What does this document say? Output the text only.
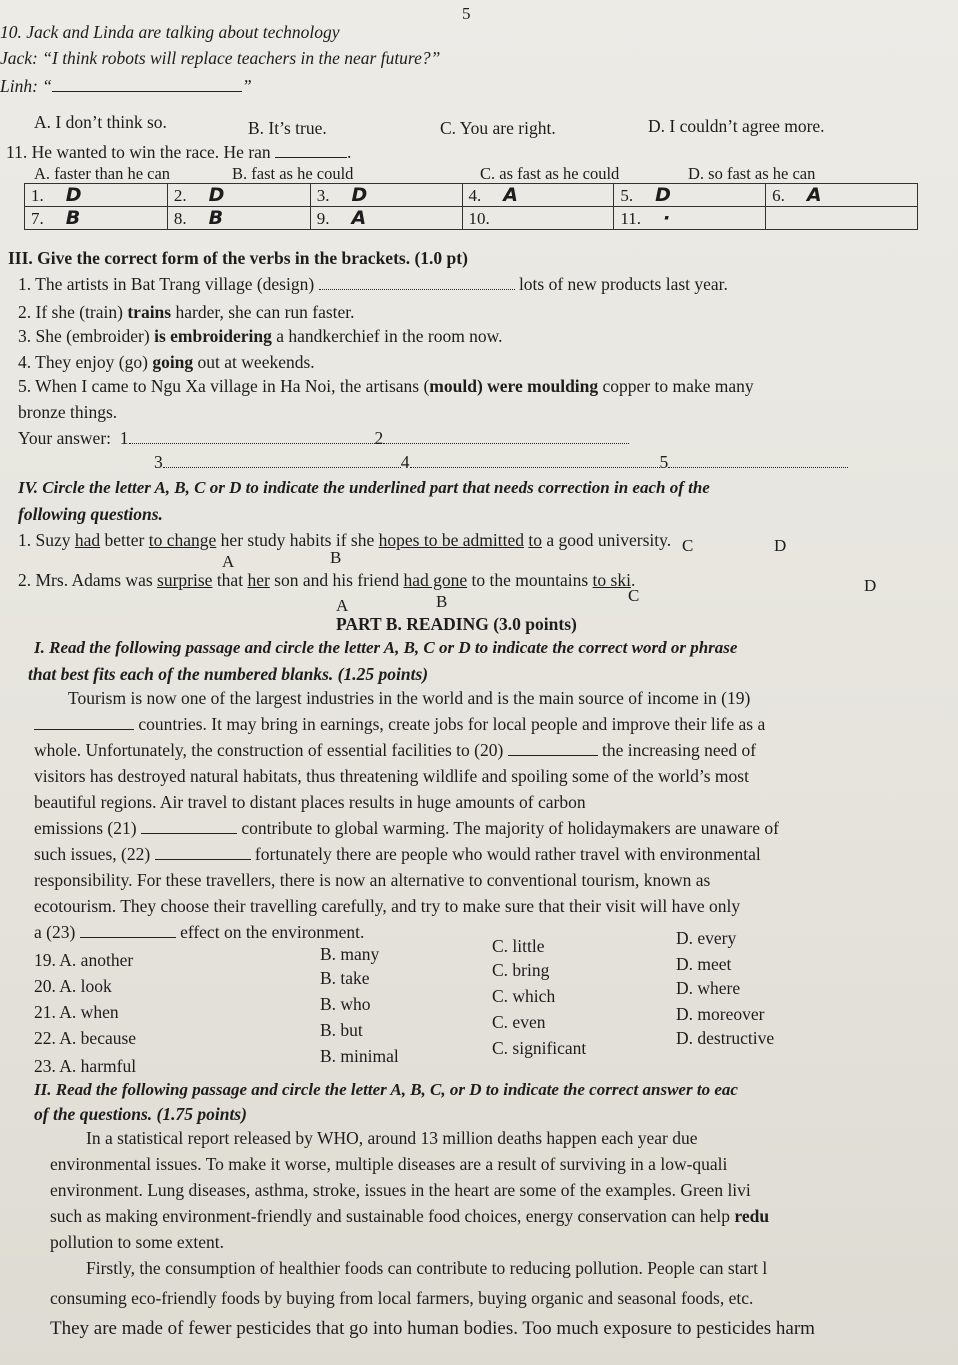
5
10. Jack and Linda are talking about technology
Jack: “I think robots will replace teachers in the near future?”
Linh: “	”
A. I don’t think so.	B. It’s true.	C. You are right.	D. I couldn’t agree more.
11. He wanted to win the race. He ran	.
A. faster than he can	B. fast as he could	C. as fast as he could	D. so fast as he can
1. D	2. D	3. D	4. A	5. D	6. A
7. B	8. B	9. A	10.	11. ·	
III. Give the correct form of the verbs in the brackets. (1.0 pt)
1. The artists in Bat Trang village (design)	lots of new products last year.
2. If she (train) trains harder, she can run faster.
3. She (embroider) is embroidering a handkerchief in the room now.
4. They enjoy (go) going out at weekends.
5. When I came to Ngu Xa village in Ha Noi, the artisans (mould) were moulding copper to make many
bronze things.
Your answer: 1	2
3	4	5
IV. Circle the letter A, B, C or D to indicate the underlined part that needs correction in each of the
following questions.
1. Suzy had better to change her study habits if she hopes to be admitted to a good university.
A	B
C	D
2. Mrs. Adams was surprise that her son and his friend had gone to the mountains to ski.
A	B	C
D
PART B. READING (3.0 points)
I. Read the following passage and circle the letter A, B, C or D to indicate the correct word or phrase
that best fits each of the numbered blanks. (1.25 points)
Tourism is now one of the largest industries in the world and is the main source of income in (19)
countries. It may bring in earnings, create jobs for local people and improve their life as a
whole. Unfortunately, the construction of essential facilities to (20)	the increasing need of
visitors has destroyed natural habitats, thus threatening wildlife and spoiling some of the world’s most
beautiful regions. Air travel to distant places results in huge amounts of carbon
emissions (21)	contribute to global warming. The majority of holidaymakers are unaware of
such issues, (22)	fortunately there are people who would rather travel with environmental
responsibility. For these travellers, there is now an alternative to conventional tourism, known as
ecotourism. They choose their travelling carefully, and try to make sure that their visit will have only
a (23)	effect on the environment.
19. A. another	B. many	C. little	D. every
20. A. look	B. take	C. bring	D. meet
21. A. when	B. who	C. which	D. where
22. A. because	B. but	C. even	D. moreover
23. A. harmful	B. minimal	C. significant	D. destructive
II. Read the following passage and circle the letter A, B, C, or D to indicate the correct answer to eac
of the questions. (1.75 points)
In a statistical report released by WHO, around 13 million deaths happen each year due
environmental issues. To make it worse, multiple diseases are a result of surviving in a low-quali
environment. Lung diseases, asthma, stroke, issues in the heart are some of the examples. Green livi
such as making environment-friendly and sustainable food choices, energy conservation can help redu
pollution to some extent.
Firstly, the consumption of healthier foods can contribute to reducing pollution. People can start l
consuming eco-friendly foods by buying from local farmers, buying organic and seasonal foods, etc.
They are made of fewer pesticides that go into human bodies. Too much exposure to pesticides harm
